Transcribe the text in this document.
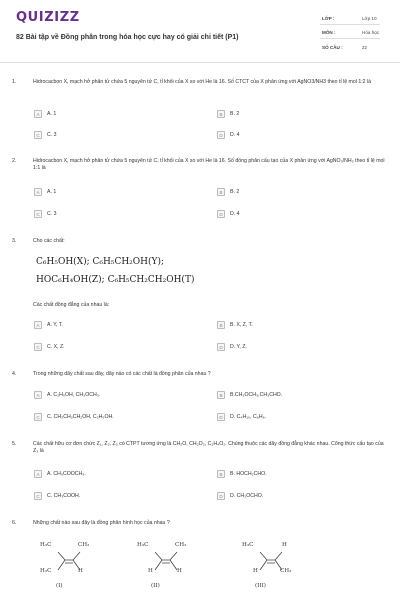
QUIZIZZ
82 Bài tập về Đồng phân trong hóa học cực hay có giải chi tiết (P1)
LỚP :	Lớp 10
MÔN :	Hóa học
SỐ CÂU :	22
1.	Hidrocacbon X, mạch hở phân tử chứa 5 nguyên tử C, tỉ khối của X so với He là 16. Số CTCT của X phản ứng với AgNO3/NH3 theo tỉ lệ mol 1:2 là
A	A. 1	B	B. 2
C	C. 3	D	D. 4
2.	Hidrocacbon X, mạch hở phân tử chứa 5 nguyên tử C, tỉ khối của X so với He là 16. Số đồng phân cấu tạo của X phản ứng với AgNO₃/NH₃ theo tỉ lệ mol 1:1 là
A	A. 1	B	B. 2
C	C. 3	D	D. 4
3.	Cho các chất:
C₆H₅OH(X); C₆H₅CH₂OH(Y);
HOC₆H₄OH(Z); C₆H₅CH₂CH₂OH(T)
Các chất đồng đẳng của nhau là:
A	A. Y, T.	B	B. X, Z, T.
C	C. X, Z.	D	D. Y, Z.
4.	Trong những dãy chất sau đây, dãy nào có các chất là đồng phân của nhau ?
A	A. C₂H₅OH, CH₃OCH₃.	B	B.CH₃OCH₃,CH₃CHO.
C	C. CH₃CH₂CH₂OH, C₂H₅OH.	D	D. C₄H₁₀, C₆H₆.
5.	Các chất hữu cơ đơn chức Z₁, Z₂, Z₃ có CTPT tương ứng là CH₂O, CH₂O₂, C₂H₄O₂. Chúng thuộc các dãy đồng đẳng khác nhau. Công thức cấu tạo của Z₃ là
A	A. CH₃COOCH₃.	B	B. HOCH₂CHO.
C	C. CH₃COOH.	D	D. CH₃OCHO.
6.	Những chất nào sau đây là đồng phân hình học của nhau ?
H₃C	CH₃
H₃C	H
(I)
H₃C	CH₃
H	H
(II)
H₃C	H
H	CH₃
(III)
